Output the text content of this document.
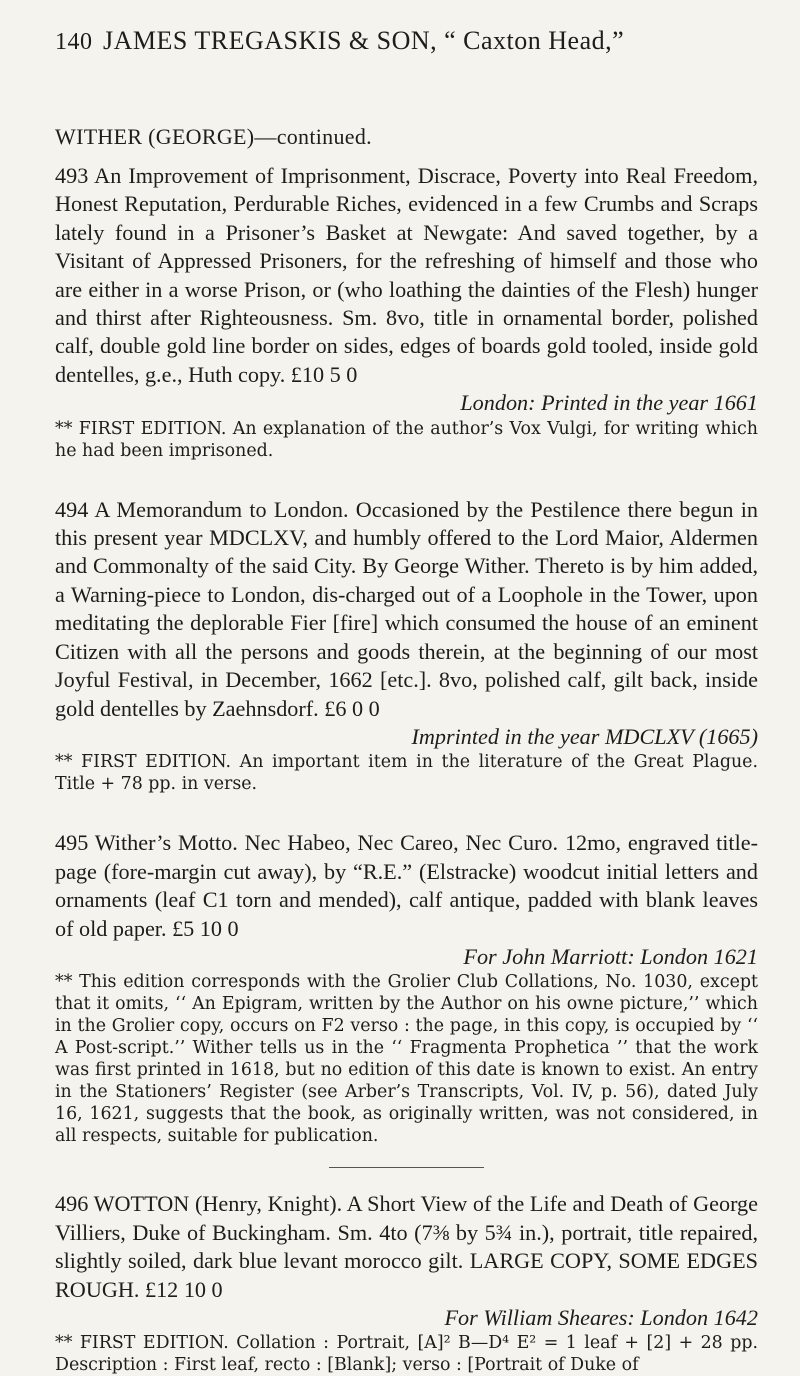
140 JAMES TREGASKIS & SON, “ Caxton Head,”
WITHER (GEORGE)—continued.

493 An Improvement of Imprisonment, Discrace, Poverty into Real Freedom, Honest Reputation, Perdurable Riches, evidenced in a few Crumbs and Scraps lately found in a Prisoner’s Basket at Newgate: And saved together, by a Visitant of Appressed Prisoners, for the refreshing of himself and those who are either in a worse Prison, or (who loathing the dainties of the Flesh) hunger and thirst after Righteousness. Sm. 8vo, title in ornamental border, polished calf, double gold line border on sides, edges of boards gold tooled, inside gold dentelles, g.e., Huth copy. £10 5 0

London: Printed in the year 1661

** FIRST EDITION. An explanation of the author’s Vox Vulgi, for writing which he had been imprisoned.

494 A Memorandum to London. Occasioned by the Pestilence there begun in this present year MDCLXV, and humbly offered to the Lord Maior, Aldermen and Commonalty of the said City. By George Wither. Thereto is by him added, a Warning-piece to London, dis-charged out of a Loophole in the Tower, upon meditating the deplorable Fier [fire] which consumed the house of an eminent Citizen with all the persons and goods therein, at the beginning of our most Joyful Festival, in December, 1662 [etc.]. 8vo, polished calf, gilt back, inside gold dentelles by Zaehnsdorf. £6 0 0

Imprinted in the year MDCLXV (1665)

** FIRST EDITION. An important item in the literature of the Great Plague. Title + 78 pp. in verse.

495 Wither’s Motto. Nec Habeo, Nec Careo, Nec Curo. 12mo, engraved title-page (fore-margin cut away), by “R.E.” (Elstracke) woodcut initial letters and ornaments (leaf C1 torn and mended), calf antique, padded with blank leaves of old paper. £5 10 0

For John Marriott: London 1621

** This edition corresponds with the Grolier Club Collations, No. 1030, except that it omits, ‘‘ An Epigram, written by the Author on his owne picture,’’ which in the Grolier copy, occurs on F2 verso : the page, in this copy, is occupied by ‘‘ A Post-script.’’ Wither tells us in the ‘‘ Fragmenta Prophetica ’’ that the work was first printed in 1618, but no edition of this date is known to exist. An entry in the Stationers’ Register (see Arber’s Transcripts, Vol. IV, p. 56), dated July 16, 1621, suggests that the book, as originally written, was not considered, in all respects, suitable for publication.

496 WOTTON (Henry, Knight). A Short View of the Life and Death of George Villiers, Duke of Buckingham. Sm. 4to (7⅜ by 5¾ in.), portrait, title repaired, slightly soiled, dark blue levant morocco gilt. LARGE COPY, SOME EDGES ROUGH. £12 10 0

For William Sheares: London 1642

** FIRST EDITION. Collation : Portrait, [A]² B—D⁴ E² = 1 leaf + [2] + 28 pp. Description : First leaf, recto : [Blank]; verso : [Portrait of Duke of
